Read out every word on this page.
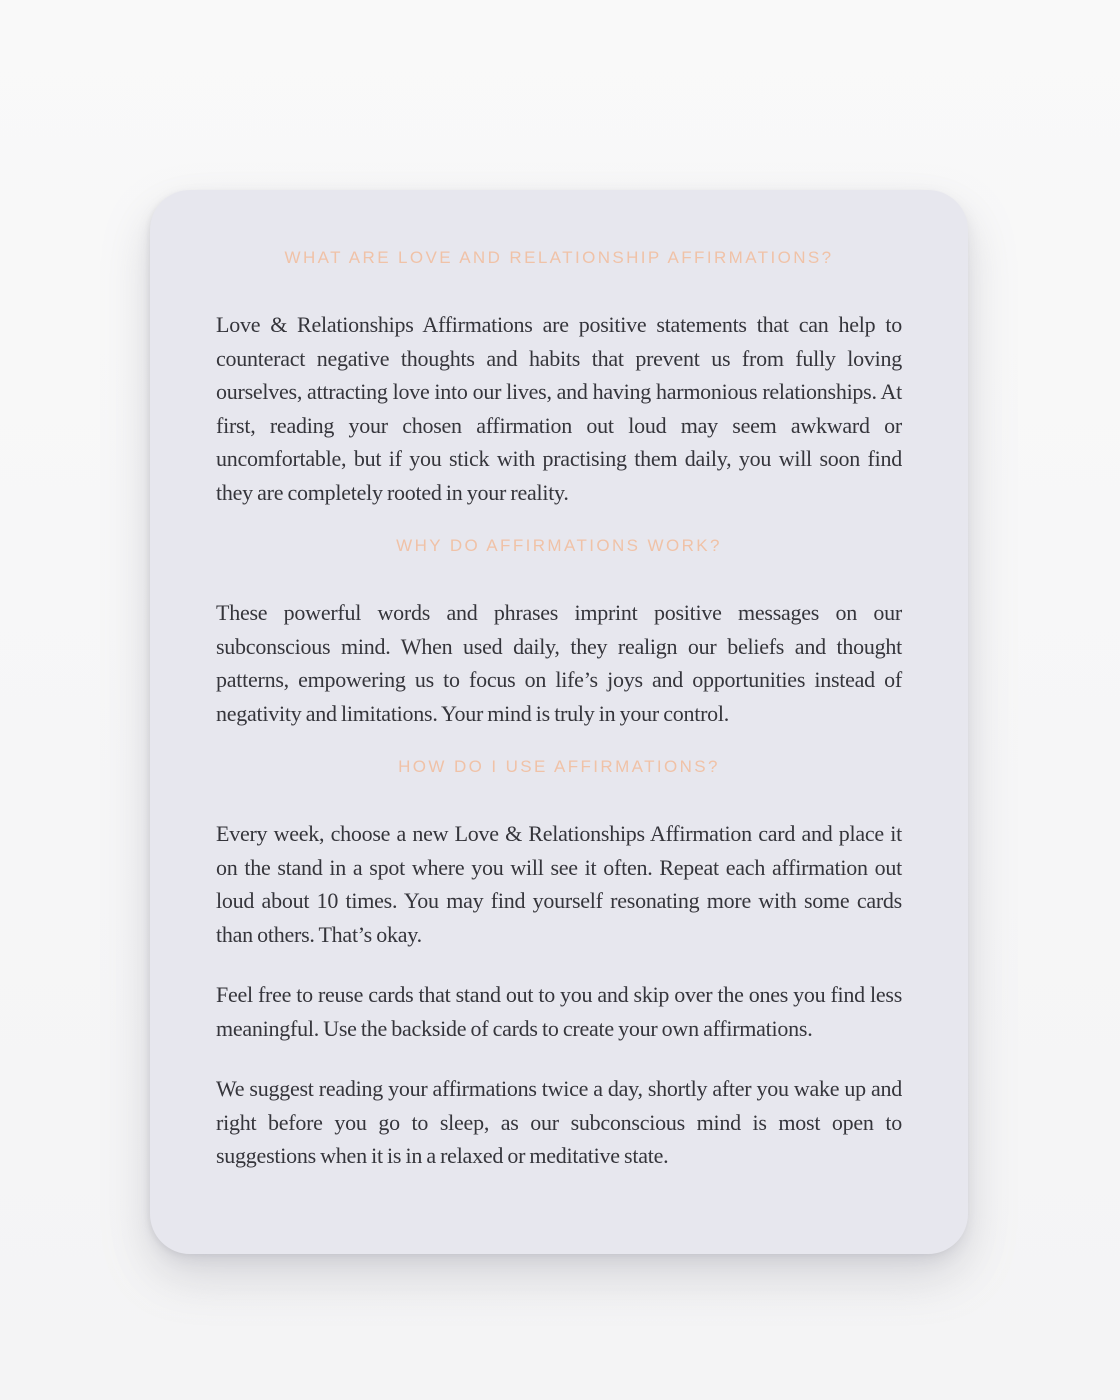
WHAT ARE LOVE AND RELATIONSHIP AFFIRMATIONS?

Love & Relationships Affirmations are positive statements that can help to counteract negative thoughts and habits that prevent us from fully loving ourselves, attracting love into our lives, and having harmonious relationships. At first, reading your chosen affirmation out loud may seem awkward or uncomfortable, but if you stick with practising them daily, you will soon find they are completely rooted in your reality.

WHY DO AFFIRMATIONS WORK?

These powerful words and phrases imprint positive messages on our subconscious mind. When used daily, they realign our beliefs and thought patterns, empowering us to focus on life’s joys and opportunities instead of negativity and limitations. Your mind is truly in your control.

HOW DO I USE AFFIRMATIONS?

Every week, choose a new Love & Relationships Affirmation card and place it on the stand in a spot where you will see it often. Repeat each affirmation out loud about 10 times. You may find yourself resonating more with some cards than others. That’s okay.

Feel free to reuse cards that stand out to you and skip over the ones you find less meaningful. Use the backside of cards to create your own affirmations.

We suggest reading your affirmations twice a day, shortly after you wake up and right before you go to sleep, as our subconscious mind is most open to suggestions when it is in a relaxed or meditative state.
